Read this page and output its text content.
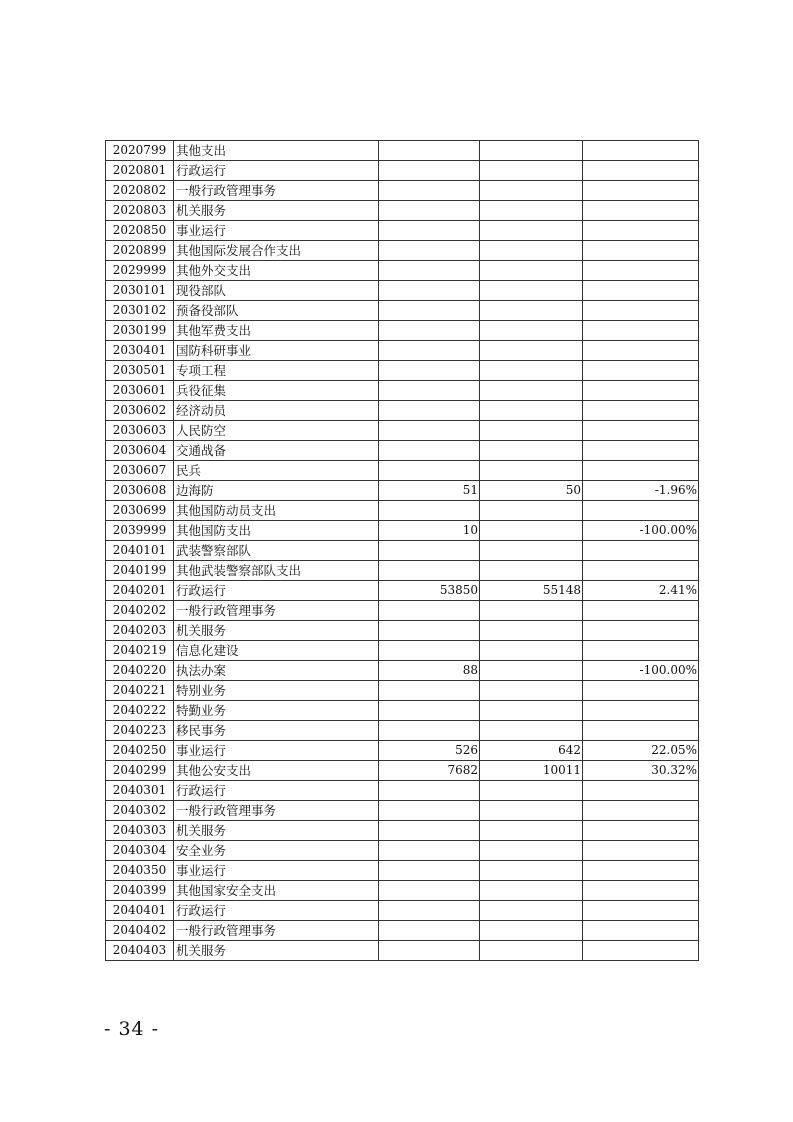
2020799	其他支出			
2020801	行政运行			
2020802	一般行政管理事务			
2020803	机关服务			
2020850	事业运行			
2020899	其他国际发展合作支出			
2029999	其他外交支出			
2030101	现役部队			
2030102	预备役部队			
2030199	其他军费支出			
2030401	国防科研事业			
2030501	专项工程			
2030601	兵役征集			
2030602	经济动员			
2030603	人民防空			
2030604	交通战备			
2030607	民兵			
2030608	边海防	51	50	-1.96%
2030699	其他国防动员支出			
2039999	其他国防支出	10		-100.00%
2040101	武装警察部队			
2040199	其他武装警察部队支出			
2040201	行政运行	53850	55148	2.41%
2040202	一般行政管理事务			
2040203	机关服务			
2040219	信息化建设			
2040220	执法办案	88		-100.00%
2040221	特别业务			
2040222	特勤业务			
2040223	移民事务			
2040250	事业运行	526	642	22.05%
2040299	其他公安支出	7682	10011	30.32%
2040301	行政运行			
2040302	一般行政管理事务			
2040303	机关服务			
2040304	安全业务			
2040350	事业运行			
2040399	其他国家安全支出			
2040401	行政运行			
2040402	一般行政管理事务			
2040403	机关服务			
- 34 -
